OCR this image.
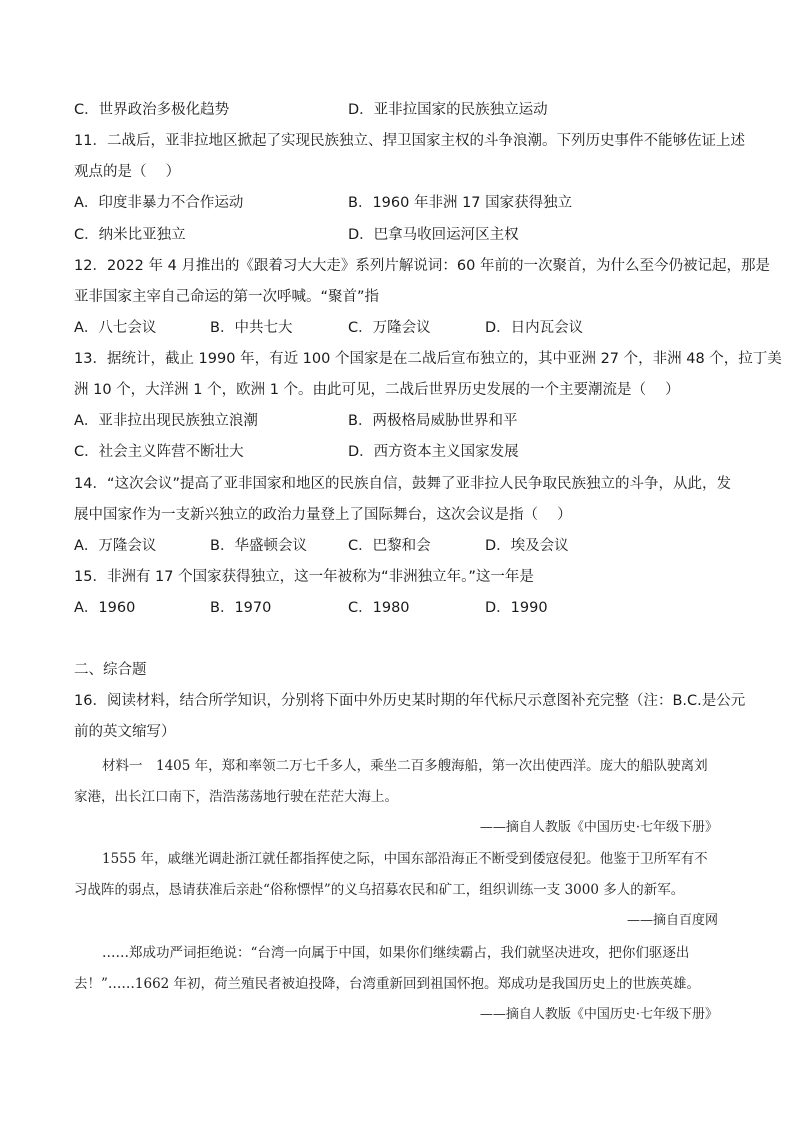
C．世界政治多极化趋势	D．亚非拉国家的民族独立运动
11．二战后，亚非拉地区掀起了实现民族独立、捍卫国家主权的斗争浪潮。下列历史事件不能够佐证上述
观点的是（　 ）
A．印度非暴力不合作运动	B．1960 年非洲 17 国家获得独立
C．纳米比亚独立	D．巴拿马收回运河区主权
12．2022 年 4 月推出的《跟着习大大走》系列片解说词：60 年前的一次聚首，为什么至今仍被记起，那是
亚非国家主宰自己命运的第一次呼喊。“聚首”指
A．八七会议	B．中共七大	C．万隆会议	D．日内瓦会议
13．据统计，截止 1990 年，有近 100 个国家是在二战后宣布独立的，其中亚洲 27 个，非洲 48 个，拉丁美
洲 10 个，大洋洲 1 个，欧洲 1 个。由此可见，二战后世界历史发展的一个主要潮流是（　 ）
A．亚非拉出现民族独立浪潮	B．两极格局威胁世界和平
C．社会主义阵营不断壮大	D．西方资本主义国家发展
14．“这次会议”提高了亚非国家和地区的民族自信，鼓舞了亚非拉人民争取民族独立的斗争，从此，发
展中国家作为一支新兴独立的政治力量登上了国际舞台，这次会议是指（　 ）
A．万隆会议	B．华盛顿会议	C．巴黎和会	D．埃及会议
15．非洲有 17 个国家获得独立，这一年被称为“非洲独立年。”这一年是
A．1960	B．1970	C．1980	D．1990
二、综合题
16．阅读材料，结合所学知识，分别将下面中外历史某时期的年代标尺示意图补充完整（注：B.C.是公元
前的英文缩写）
材料一　1405 年，郑和率领二万七千多人，乘坐二百多艘海船，第一次出使西洋。庞大的船队驶离刘
家港，出长江口南下，浩浩荡荡地行驶在茫茫大海上。
——摘自人教版《中国历史·七年级下册》
1555 年，戚继光调赴浙江就任都指挥使之际，中国东部沿海正不断受到倭寇侵犯。他鉴于卫所军有不
习战阵的弱点，恳请获准后亲赴“俗称慓悍”的义乌招募农民和矿工，组织训练一支 3000 多人的新军。
——摘自百度网
……郑成功严词拒绝说：“台湾一向属于中国，如果你们继续霸占，我们就坚决进攻，把你们驱逐出
去！”……1662 年初，荷兰殖民者被迫投降，台湾重新回到祖国怀抱。郑成功是我国历史上的世族英雄。
——摘自人教版《中国历史·七年级下册》
